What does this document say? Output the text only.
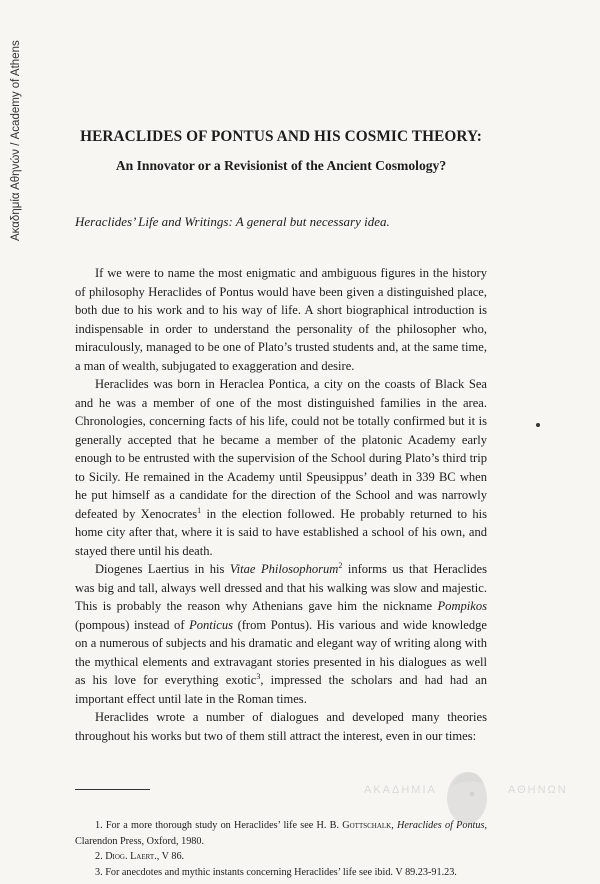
Ακαδημία Αθηνών / Academy of Athens	HERACLIDES OF PONTUS AND HIS COSMIC THEORY:
An Innovator or a Revisionist of the Ancient Cosmology?
Heraclides’ Life and Writings: A general but necessary idea.

If we were to name the most enigmatic and ambiguous figures in the history of philosophy Heraclides of Pontus would have been given a distinguished place, both due to his work and to his way of life. A short biographical introduction is indispensable in order to understand the personality of the philosopher who, miraculously, managed to be one of Plato’s trusted students and, at the same time, a man of wealth, subjugated to exaggeration and desire.

Heraclides was born in Heraclea Pontica, a city on the coasts of Black Sea and he was a member of one of the most distinguished families in the area. Chronologies, concerning facts of his life, could not be totally confirmed but it is generally accepted that he became a member of the platonic Academy early enough to be entrusted with the supervision of the School during Plato’s third trip to Sicily. He remained in the Academy until Speusippus’ death in 339 BC when he put himself as a candidate for the direction of the School and was narrowly defeated by Xenocrates$^1$ in the election followed. He probably returned to his home city after that, where it is said to have established a school of his own, and stayed there until his death.

Diogenes Laertius in his Vitae Philosophorum$^2$ informs us that Heraclides was big and tall, always well dressed and that his walking was slow and majestic. This is probably the reason why Athenians gave him the nickname Pompikos (pompous) instead of Ponticus (from Pontus). His various and wide knowledge on a numerous of subjects and his dramatic and elegant way of writing along with the mythical elements and extravagant stories presented in his dialogues as well as his love for everything exotic$^3$, impressed the scholars and had had an important effect until late in the Roman times.

Heraclides wrote a number of dialogues and developed many theories throughout his works but two of them still attract the interest, even in our times:

1. For a more thorough study on Heraclides’ life see H. B. Gottschalk, Heraclides of Pontus, Clarendon Press, Oxford, 1980.

2. Diog. Laert., V 86.

3. For anecdotes and mythic instants concerning Heraclides’ life see ibid. V 89.23-91.23.

ΑΚΑΔΗΜΙΑ	ΑΘΗΝΩΝ
